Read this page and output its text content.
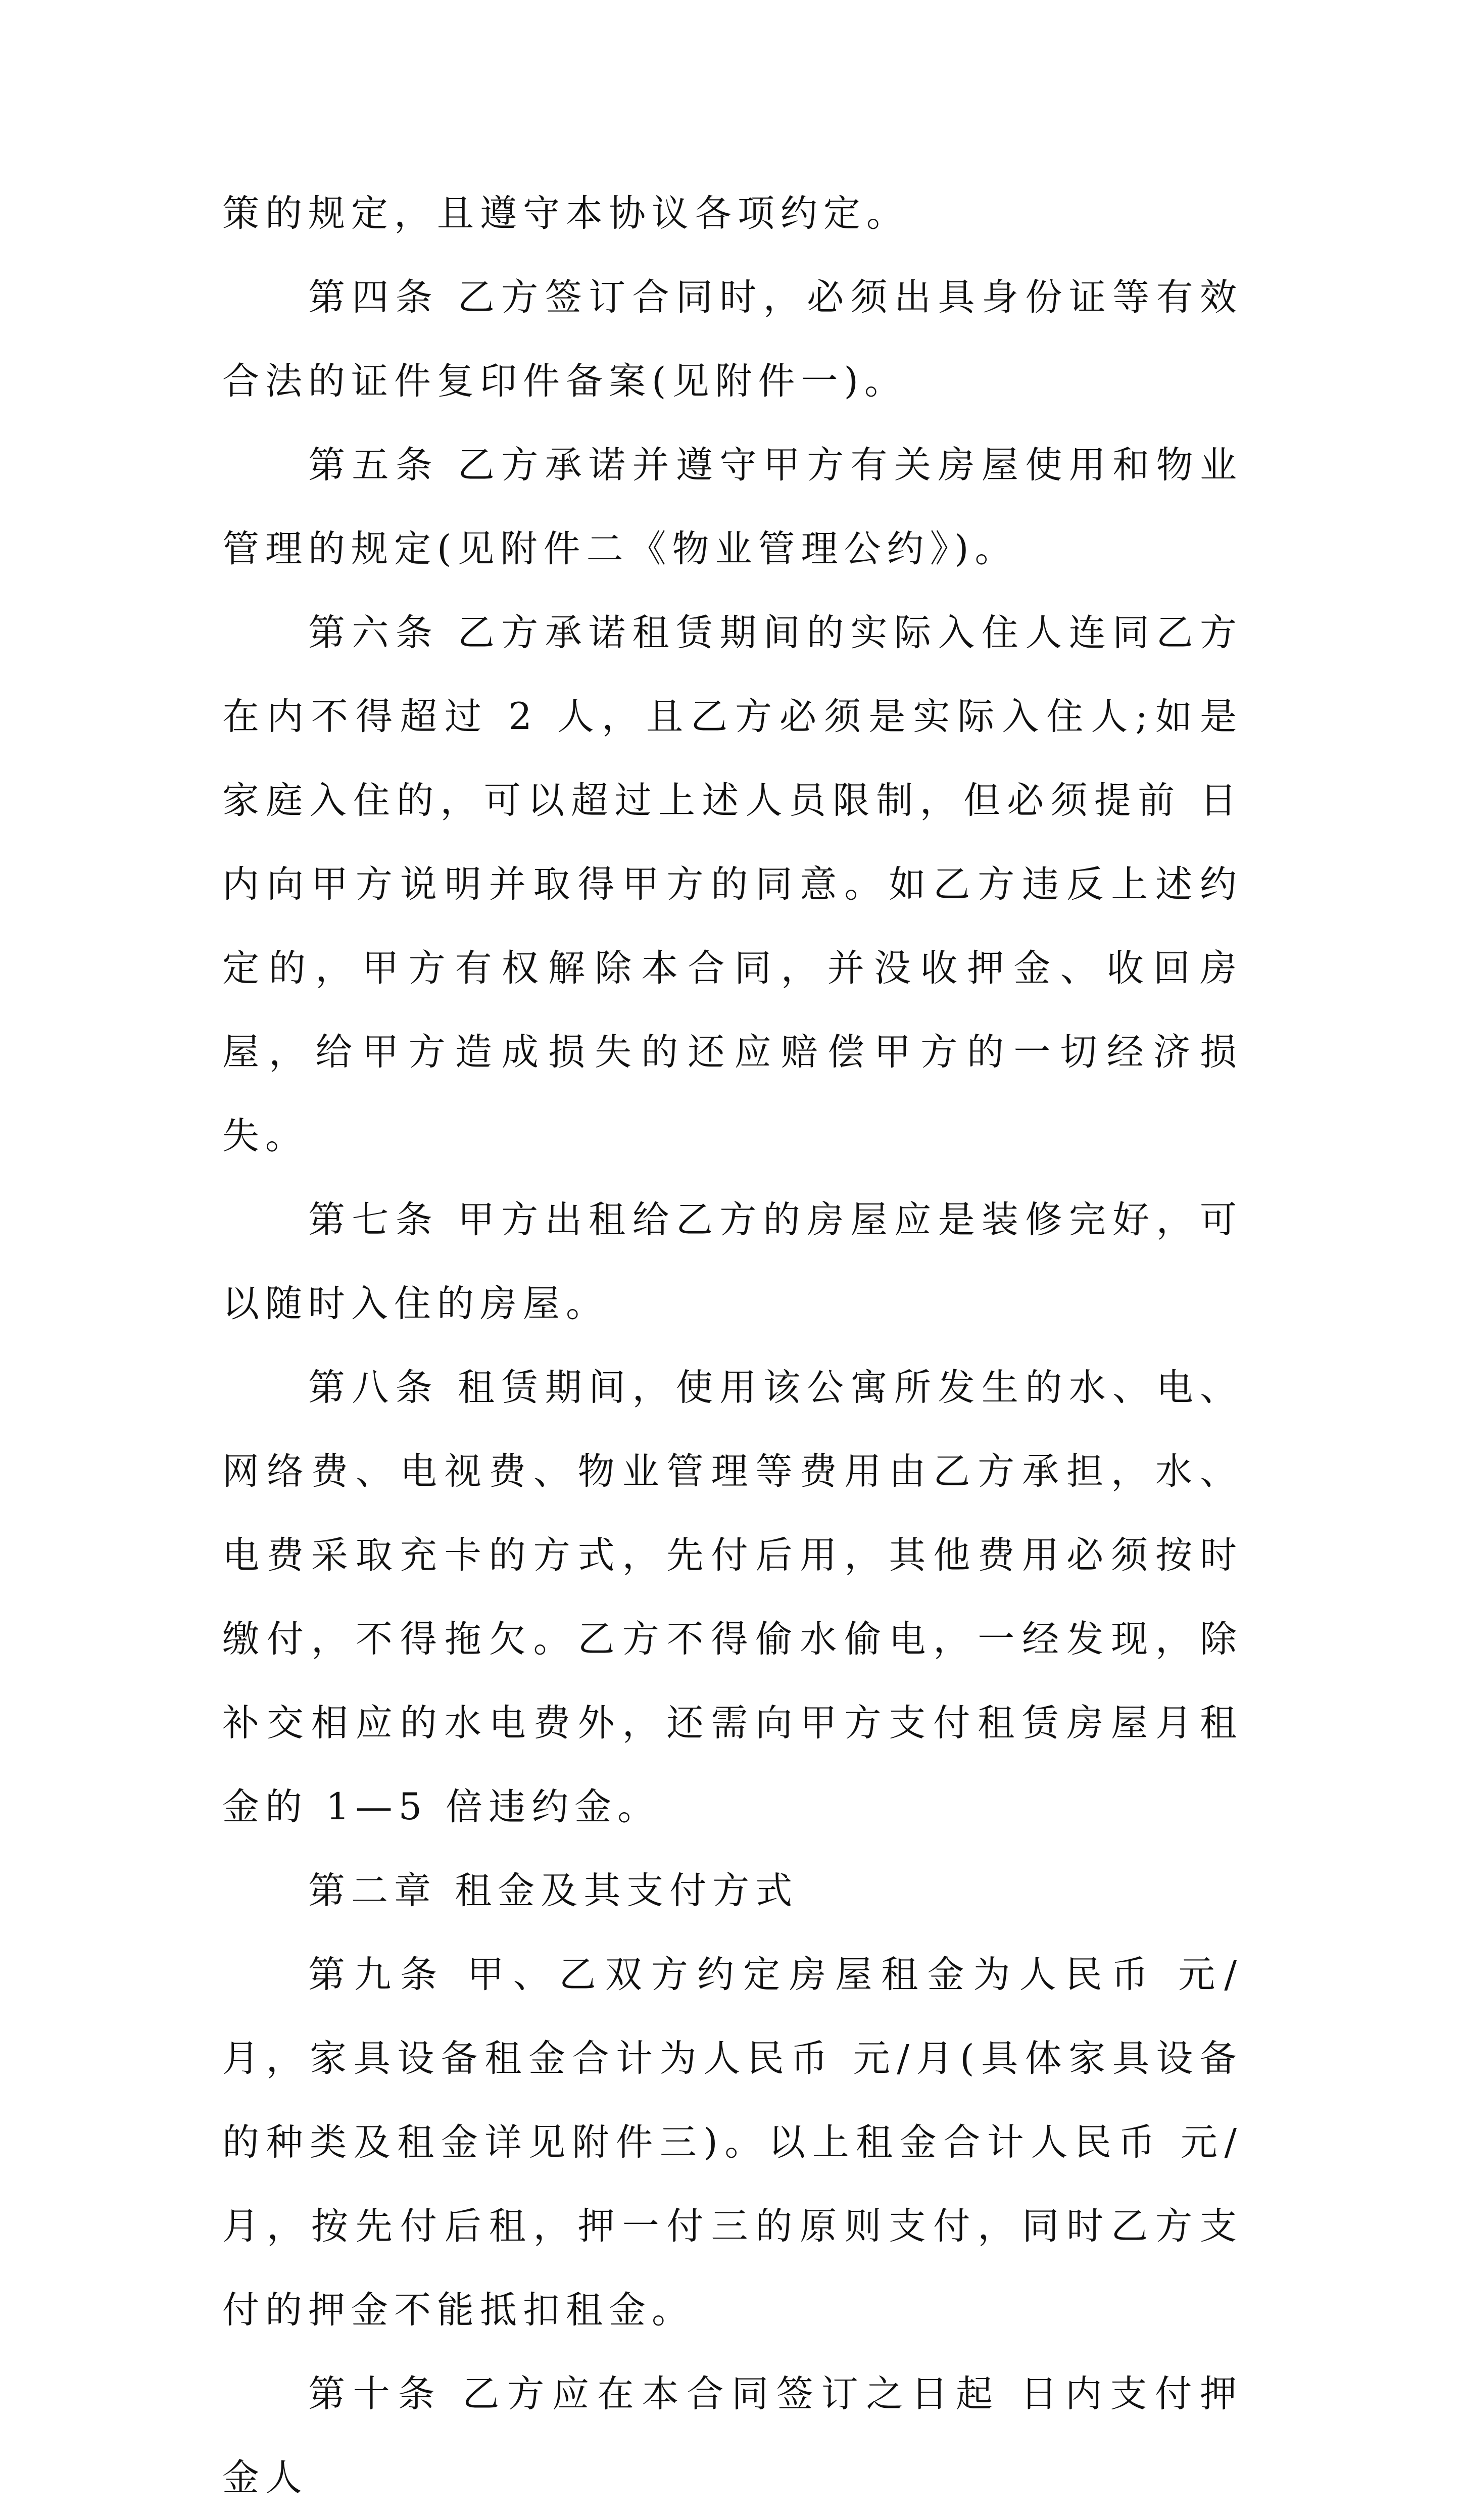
策的规定，且遵守本协议各项约定。

第四条 乙方签订合同时，必须出具身份证等有效合法的证件复印件备案(见附件一)。

第五条 乙方承诺并遵守甲方有关房屋使用和物业管理的规定(见附件二《物业管理公约》)。

第六条 乙方承诺租赁期间的实际入住人连同乙方在内不得超过 2 人，且乙方必须是实际入住人;如是家庭入住的，可以超过上述人员限制，但必须提前 日内向甲方说明并取得甲方的同意。如乙方违反上述约定的，甲方有权解除本合同，并没收押金、收回房屋，给甲方造成损失的还应赔偿甲方的一切经济损失。

第七条 甲方出租给乙方的房屋应是装修完好，可以随时入住的房屋。

第八条 租赁期间，使用该公寓所发生的水、电、网络费、电视费、物业管理等费用由乙方承担，水、电费采取充卡的方式，先付后用，其他费用必须按时缴付，不得拖欠。乙方不得偷水偷电，一经发现，除补交相应的水电费外，还需向甲方支付租赁房屋月租金的 1—5 倍违约金。

第二章 租金及其支付方式

第九条 甲、乙双方约定房屋租金为人民币 元/月，家具设备租金合计为人民币 元/月(具体家具设备的种类及租金详见附件三)。以上租金合计人民币 元/月，按先付后租，押一付三的原则支付，同时乙方支付的押金不能抵扣租金。

第十条 乙方应在本合同签订之日起 日内支付押金人
